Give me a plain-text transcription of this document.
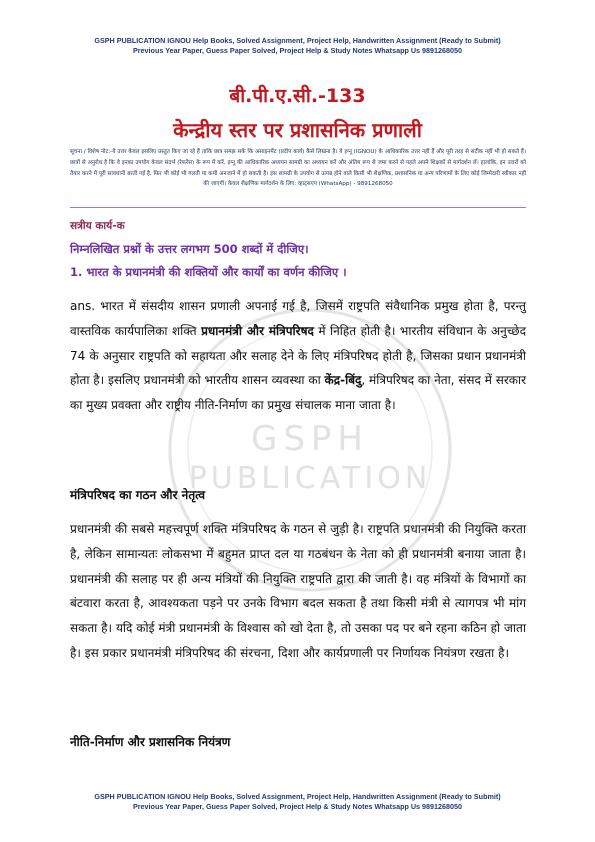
GSPH PUBLICATION IGNOU Help Books, Solved Assignment, Project Help, Handwritten Assignment (Ready to Submit)
Previous Year Paper, Guess Paper Solved, Project Help & Study Notes Whatsapp Us 9891268050
GSPH
PUBLICATION
बी.पी.ए.सी.-133
केन्द्रीय स्तर पर प्रशासनिक प्रणाली
सूचना / विशेष नोट:-ये उत्तर केवल इसलिए प्रस्तुत किए जा रहे हैं ताकि छात्र समझ सकें कि असाइनमेंट (प्रदीप कार्य) कैसे लिखना है। ये इग्नू (IGNOU) के आधिकारिक उत्तर नहीं हैं और पूरी तरह से सटीक नहीं भी हो सकते हैं। छात्रों से अनुरोध है कि वे इनका उपयोग केवल संदर्भ (रेफरेंस) के रूप में करें, इग्नू की आधिकारिक अध्ययन सामग्री का अध्ययन करें और अंतिम रूप से जमा करने से पहले अपने शिक्षकों से मार्गदर्शन लें। हालांकि, इन उत्तरों को तैयार करने में पूरी सावधानी बरती गई है, फिर भी कोई भी गलती या कमी अनजाने में हो सकती है। इस सामग्री के उपयोग से उत्पन्न होने वाले किसी भी शैक्षणिक, प्रशासनिक या अन्य परिणामों के लिए कोई जिम्मेदारी स्वीकार नहीं की जाएगी। केवल शैक्षणिक मार्गदर्शन के लिए: व्हाट्सएप (WhatsApp) - 9891268050
सत्रीय कार्य-क
निम्नलिखित प्रश्नों के उत्तर लगभग 500 शब्दों में दीजिए।
1. भारत के प्रधानमंत्री की शक्तियों और कार्यों का वर्णन कीजिए ।
ans. भारत में संसदीय शासन प्रणाली अपनाई गई है, जिसमें राष्ट्रपति संवैधानिक प्रमुख होता है, परन्तु वास्तविक कार्यपालिका शक्ति प्रधानमंत्री और मंत्रिपरिषद में निहित होती है। भारतीय संविधान के अनुच्छेद 74 के अनुसार राष्ट्रपति को सहायता और सलाह देने के लिए मंत्रिपरिषद होती है, जिसका प्रधान प्रधानमंत्री होता है। इसलिए प्रधानमंत्री को भारतीय शासन व्यवस्था का केंद्र-बिंदु, मंत्रिपरिषद का नेता, संसद में सरकार का मुख्य प्रवक्ता और राष्ट्रीय नीति-निर्माण का प्रमुख संचालक माना जाता है।
मंत्रिपरिषद का गठन और नेतृत्व
प्रधानमंत्री की सबसे महत्त्वपूर्ण शक्ति मंत्रिपरिषद के गठन से जुड़ी है। राष्ट्रपति प्रधानमंत्री की नियुक्ति करता है, लेकिन सामान्यतः लोकसभा में बहुमत प्राप्त दल या गठबंधन के नेता को ही प्रधानमंत्री बनाया जाता है। प्रधानमंत्री की सलाह पर ही अन्य मंत्रियों की नियुक्ति राष्ट्रपति द्वारा की जाती है। वह मंत्रियों के विभागों का बंटवारा करता है, आवश्यकता पड़ने पर उनके विभाग बदल सकता है तथा किसी मंत्री से त्यागपत्र भी मांग सकता है। यदि कोई मंत्री प्रधानमंत्री के विश्वास को खो देता है, तो उसका पद पर बने रहना कठिन हो जाता है। इस प्रकार प्रधानमंत्री मंत्रिपरिषद की संरचना, दिशा और कार्यप्रणाली पर निर्णायक नियंत्रण रखता है।
नीति-निर्माण और प्रशासनिक नियंत्रण
GSPH PUBLICATION IGNOU Help Books, Solved Assignment, Project Help, Handwritten Assignment (Ready to Submit)
Previous Year Paper, Guess Paper Solved, Project Help & Study Notes Whatsapp Us 9891268050
